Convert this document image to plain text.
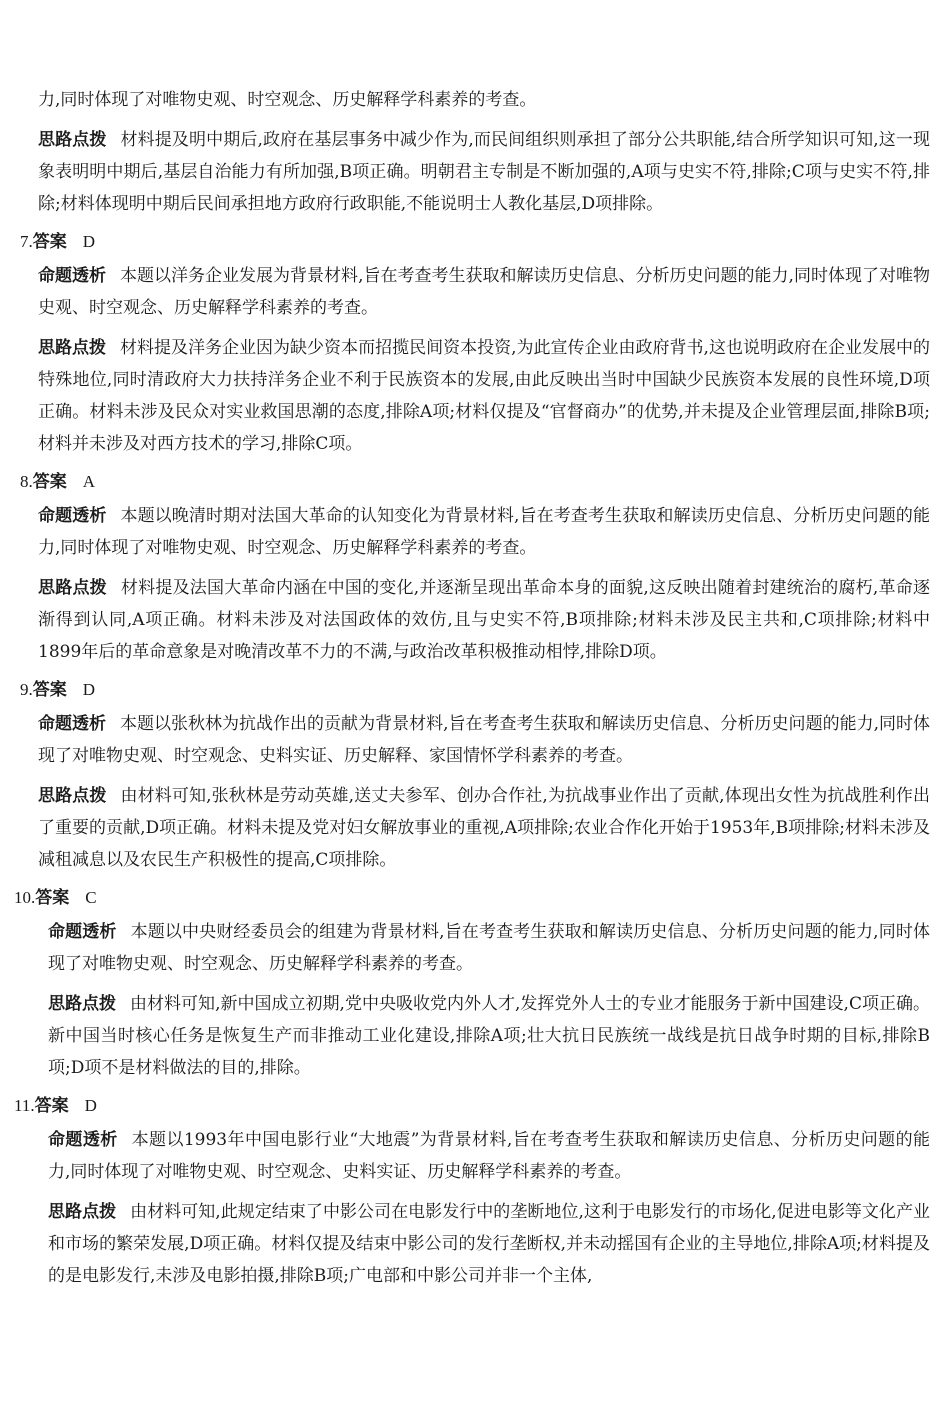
力,同时体现了对唯物史观、时空观念、历史解释学科素养的考查。

思路点拨 材料提及明中期后,政府在基层事务中减少作为,而民间组织则承担了部分公共职能,结合所学知识可知,这一现象表明明中期后,基层自治能力有所加强,B项正确。明朝君主专制是不断加强的,A项与史实不符,排除;C项与史实不符,排除;材料体现明中期后民间承担地方政府行政职能,不能说明士人教化基层,D项排除。

7.答案 D

命题透析 本题以洋务企业发展为背景材料,旨在考查考生获取和解读历史信息、分析历史问题的能力,同时体现了对唯物史观、时空观念、历史解释学科素养的考查。

思路点拨 材料提及洋务企业因为缺少资本而招揽民间资本投资,为此宣传企业由政府背书,这也说明政府在企业发展中的特殊地位,同时清政府大力扶持洋务企业不利于民族资本的发展,由此反映出当时中国缺少民族资本发展的良性环境,D项正确。材料未涉及民众对实业救国思潮的态度,排除A项;材料仅提及“官督商办”的优势,并未提及企业管理层面,排除B项;材料并未涉及对西方技术的学习,排除C项。

8.答案 A

命题透析 本题以晚清时期对法国大革命的认知变化为背景材料,旨在考查考生获取和解读历史信息、分析历史问题的能力,同时体现了对唯物史观、时空观念、历史解释学科素养的考查。

思路点拨 材料提及法国大革命内涵在中国的变化,并逐渐呈现出革命本身的面貌,这反映出随着封建统治的腐朽,革命逐渐得到认同,A项正确。材料未涉及对法国政体的效仿,且与史实不符,B项排除;材料未涉及民主共和,C项排除;材料中1899年后的革命意象是对晚清改革不力的不满,与政治改革积极推动相悖,排除D项。

9.答案 D

命题透析 本题以张秋林为抗战作出的贡献为背景材料,旨在考查考生获取和解读历史信息、分析历史问题的能力,同时体现了对唯物史观、时空观念、史料实证、历史解释、家国情怀学科素养的考查。

思路点拨 由材料可知,张秋林是劳动英雄,送丈夫参军、创办合作社,为抗战事业作出了贡献,体现出女性为抗战胜利作出了重要的贡献,D项正确。材料未提及党对妇女解放事业的重视,A项排除;农业合作化开始于1953年,B项排除;材料未涉及减租减息以及农民生产积极性的提高,C项排除。

10.答案 C

命题透析 本题以中央财经委员会的组建为背景材料,旨在考查考生获取和解读历史信息、分析历史问题的能力,同时体现了对唯物史观、时空观念、历史解释学科素养的考查。

思路点拨 由材料可知,新中国成立初期,党中央吸收党内外人才,发挥党外人士的专业才能服务于新中国建设,C项正确。新中国当时核心任务是恢复生产而非推动工业化建设,排除A项;壮大抗日民族统一战线是抗日战争时期的目标,排除B项;D项不是材料做法的目的,排除。

11.答案 D

命题透析 本题以1993年中国电影行业“大地震”为背景材料,旨在考查考生获取和解读历史信息、分析历史问题的能力,同时体现了对唯物史观、时空观念、史料实证、历史解释学科素养的考查。

思路点拨 由材料可知,此规定结束了中影公司在电影发行中的垄断地位,这利于电影发行的市场化,促进电影等文化产业和市场的繁荣发展,D项正确。材料仅提及结束中影公司的发行垄断权,并未动摇国有企业的主导地位,排除A项;材料提及的是电影发行,未涉及电影拍摄,排除B项;广电部和中影公司并非一个主体,
